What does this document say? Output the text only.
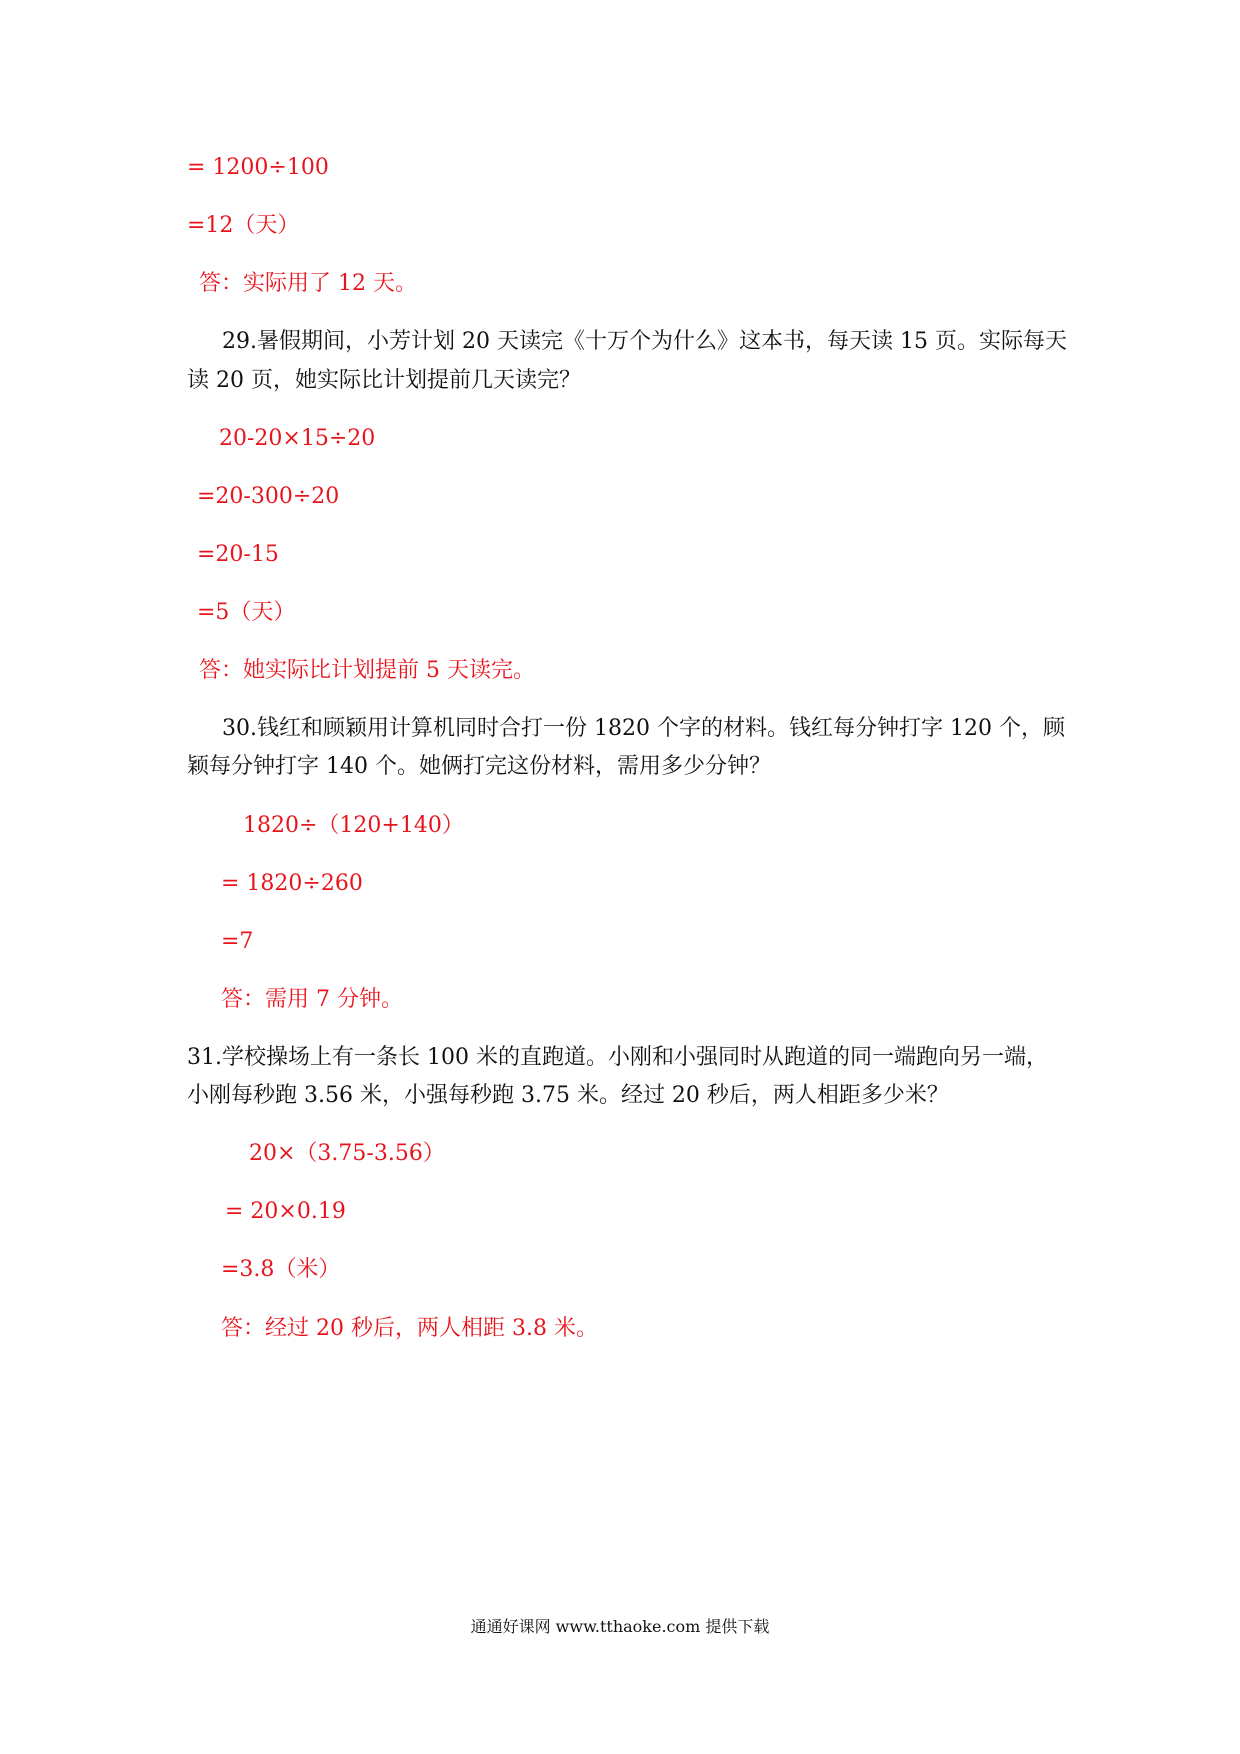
= 1200÷100
=12（天）
答：实际用了 12 天。
29.暑假期间，小芳计划 20 天读完《十万个为什么》这本书，每天读 15 页。实际每天
读 20 页，她实际比计划提前几天读完？
20-20×15÷20
=20-300÷20
=20-15
=5（天）
答：她实际比计划提前 5 天读完。
30.钱红和顾颖用计算机同时合打一份 1820 个字的材料。钱红每分钟打字 120 个，顾
颖每分钟打字 140 个。她俩打完这份材料，需用多少分钟？
1820÷（120+140）
= 1820÷260
=7
答：需用 7 分钟。
31.学校操场上有一条长 100 米的直跑道。小刚和小强同时从跑道的同一端跑向另一端，
小刚每秒跑 3.56 米，小强每秒跑 3.75 米。经过 20 秒后，两人相距多少米？
20×（3.75-3.56）
= 20×0.19
=3.8（米）
答：经过 20 秒后，两人相距 3.8 米。
通通好课网 www.tthaoke.com 提供下载
